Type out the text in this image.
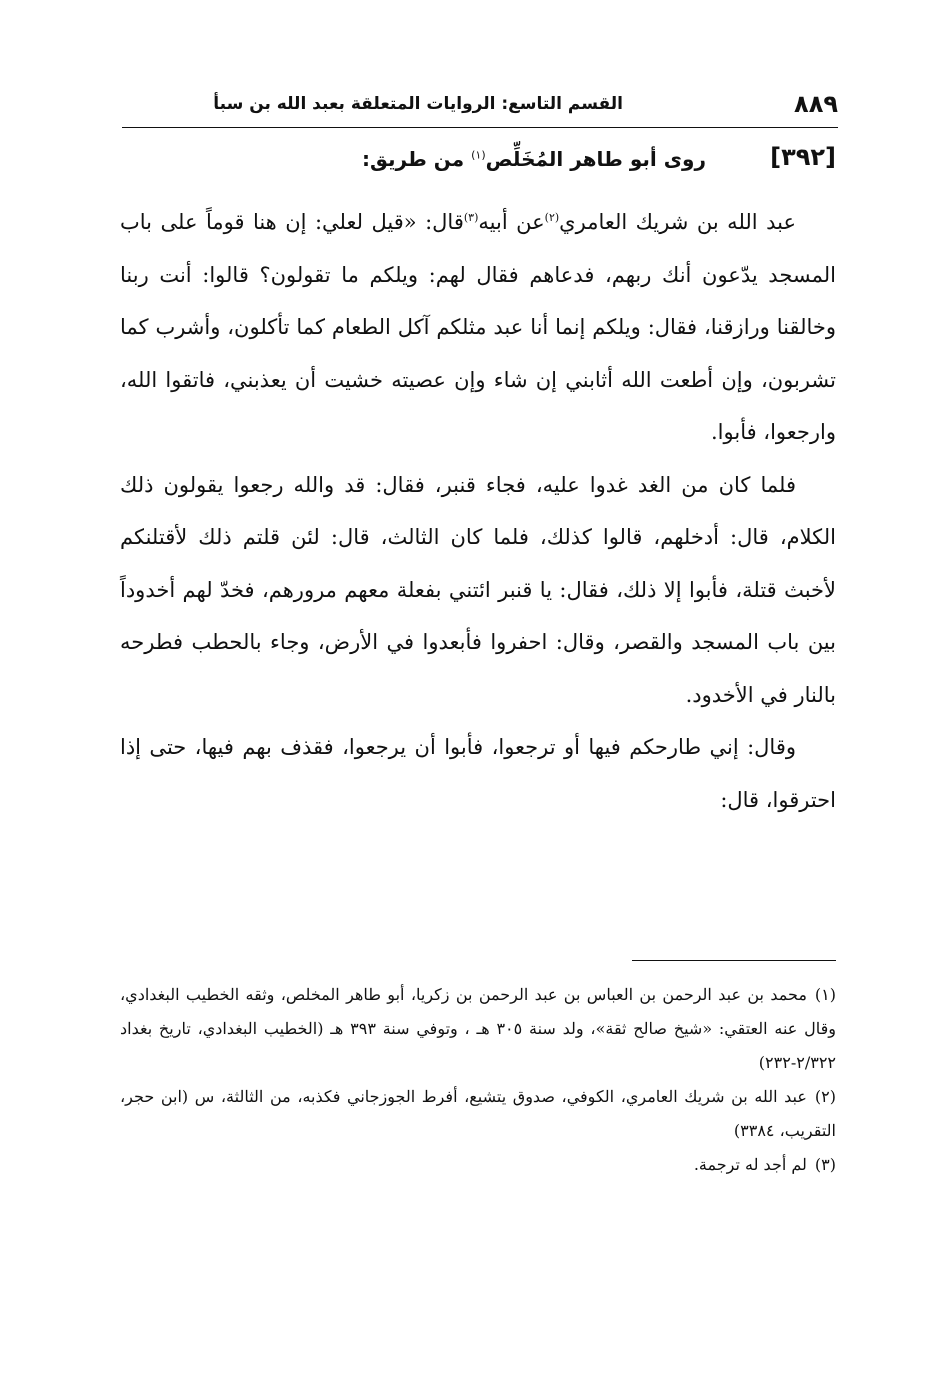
٨٨٩
القسم التاسع: الروايات المتعلقة بعبد الله بن سبأ
[٣٩٢]
روى أبو طاهر المُخَلِّص$^{(١)}$ من طريق:

عبد الله بن شريك العامري$^{(٢)}$عن أبيه$^{(٣)}$قال: «قيل لعلي: إن هنا قوماً على باب المسجد يدّعون أنك ربهم، فدعاهم فقال لهم: ويلكم ما تقولون؟ قالوا: أنت ربنا وخالقنا ورازقنا، فقال: ويلكم إنما أنا عبد مثلكم آكل الطعام كما تأكلون، وأشرب كما تشربون، وإن أطعت الله أثابني إن شاء وإن عصيته خشيت أن يعذبني، فاتقوا الله، وارجعوا، فأبوا.

فلما كان من الغد غدوا عليه، فجاء قنبر، فقال: قد والله رجعوا يقولون ذلك الكلام، قال: أدخلهم، قالوا كذلك، فلما كان الثالث، قال: لئن قلتم ذلك لأقتلنكم لأخبث قتلة، فأبوا إلا ذلك، فقال: يا قنبر ائتني بفعلة معهم مرورهم، فخدّ لهم أخدوداً بين باب المسجد والقصر، وقال: احفروا فأبعدوا في الأرض، وجاء بالحطب فطرحه بالنار في الأخدود.

وقال: إني طارحكم فيها أو ترجعوا، فأبوا أن يرجعوا، فقذف بهم فيها، حتى إذا احترقوا، قال:

(١)محمد بن عبد الرحمن بن العباس بن عبد الرحمن بن زكريا، أبو طاهر المخلص، وثقه الخطيب البغدادي، وقال عنه العتقي: «شيخ صالح ثقة»، ولد سنة ٣٠٥ هـ ، وتوفي سنة ٣٩٣ هـ (الخطيب البغدادي، تاريخ بغداد ٢/٣٢٢-٢٣٢)

(٢)عبد الله بن شريك العامري، الكوفي، صدوق يتشيع، أفرط الجوزجاني فكذبه، من الثالثة، س (ابن حجر، التقريب، ٣٣٨٤)

(٣)لم أجد له ترجمة.
